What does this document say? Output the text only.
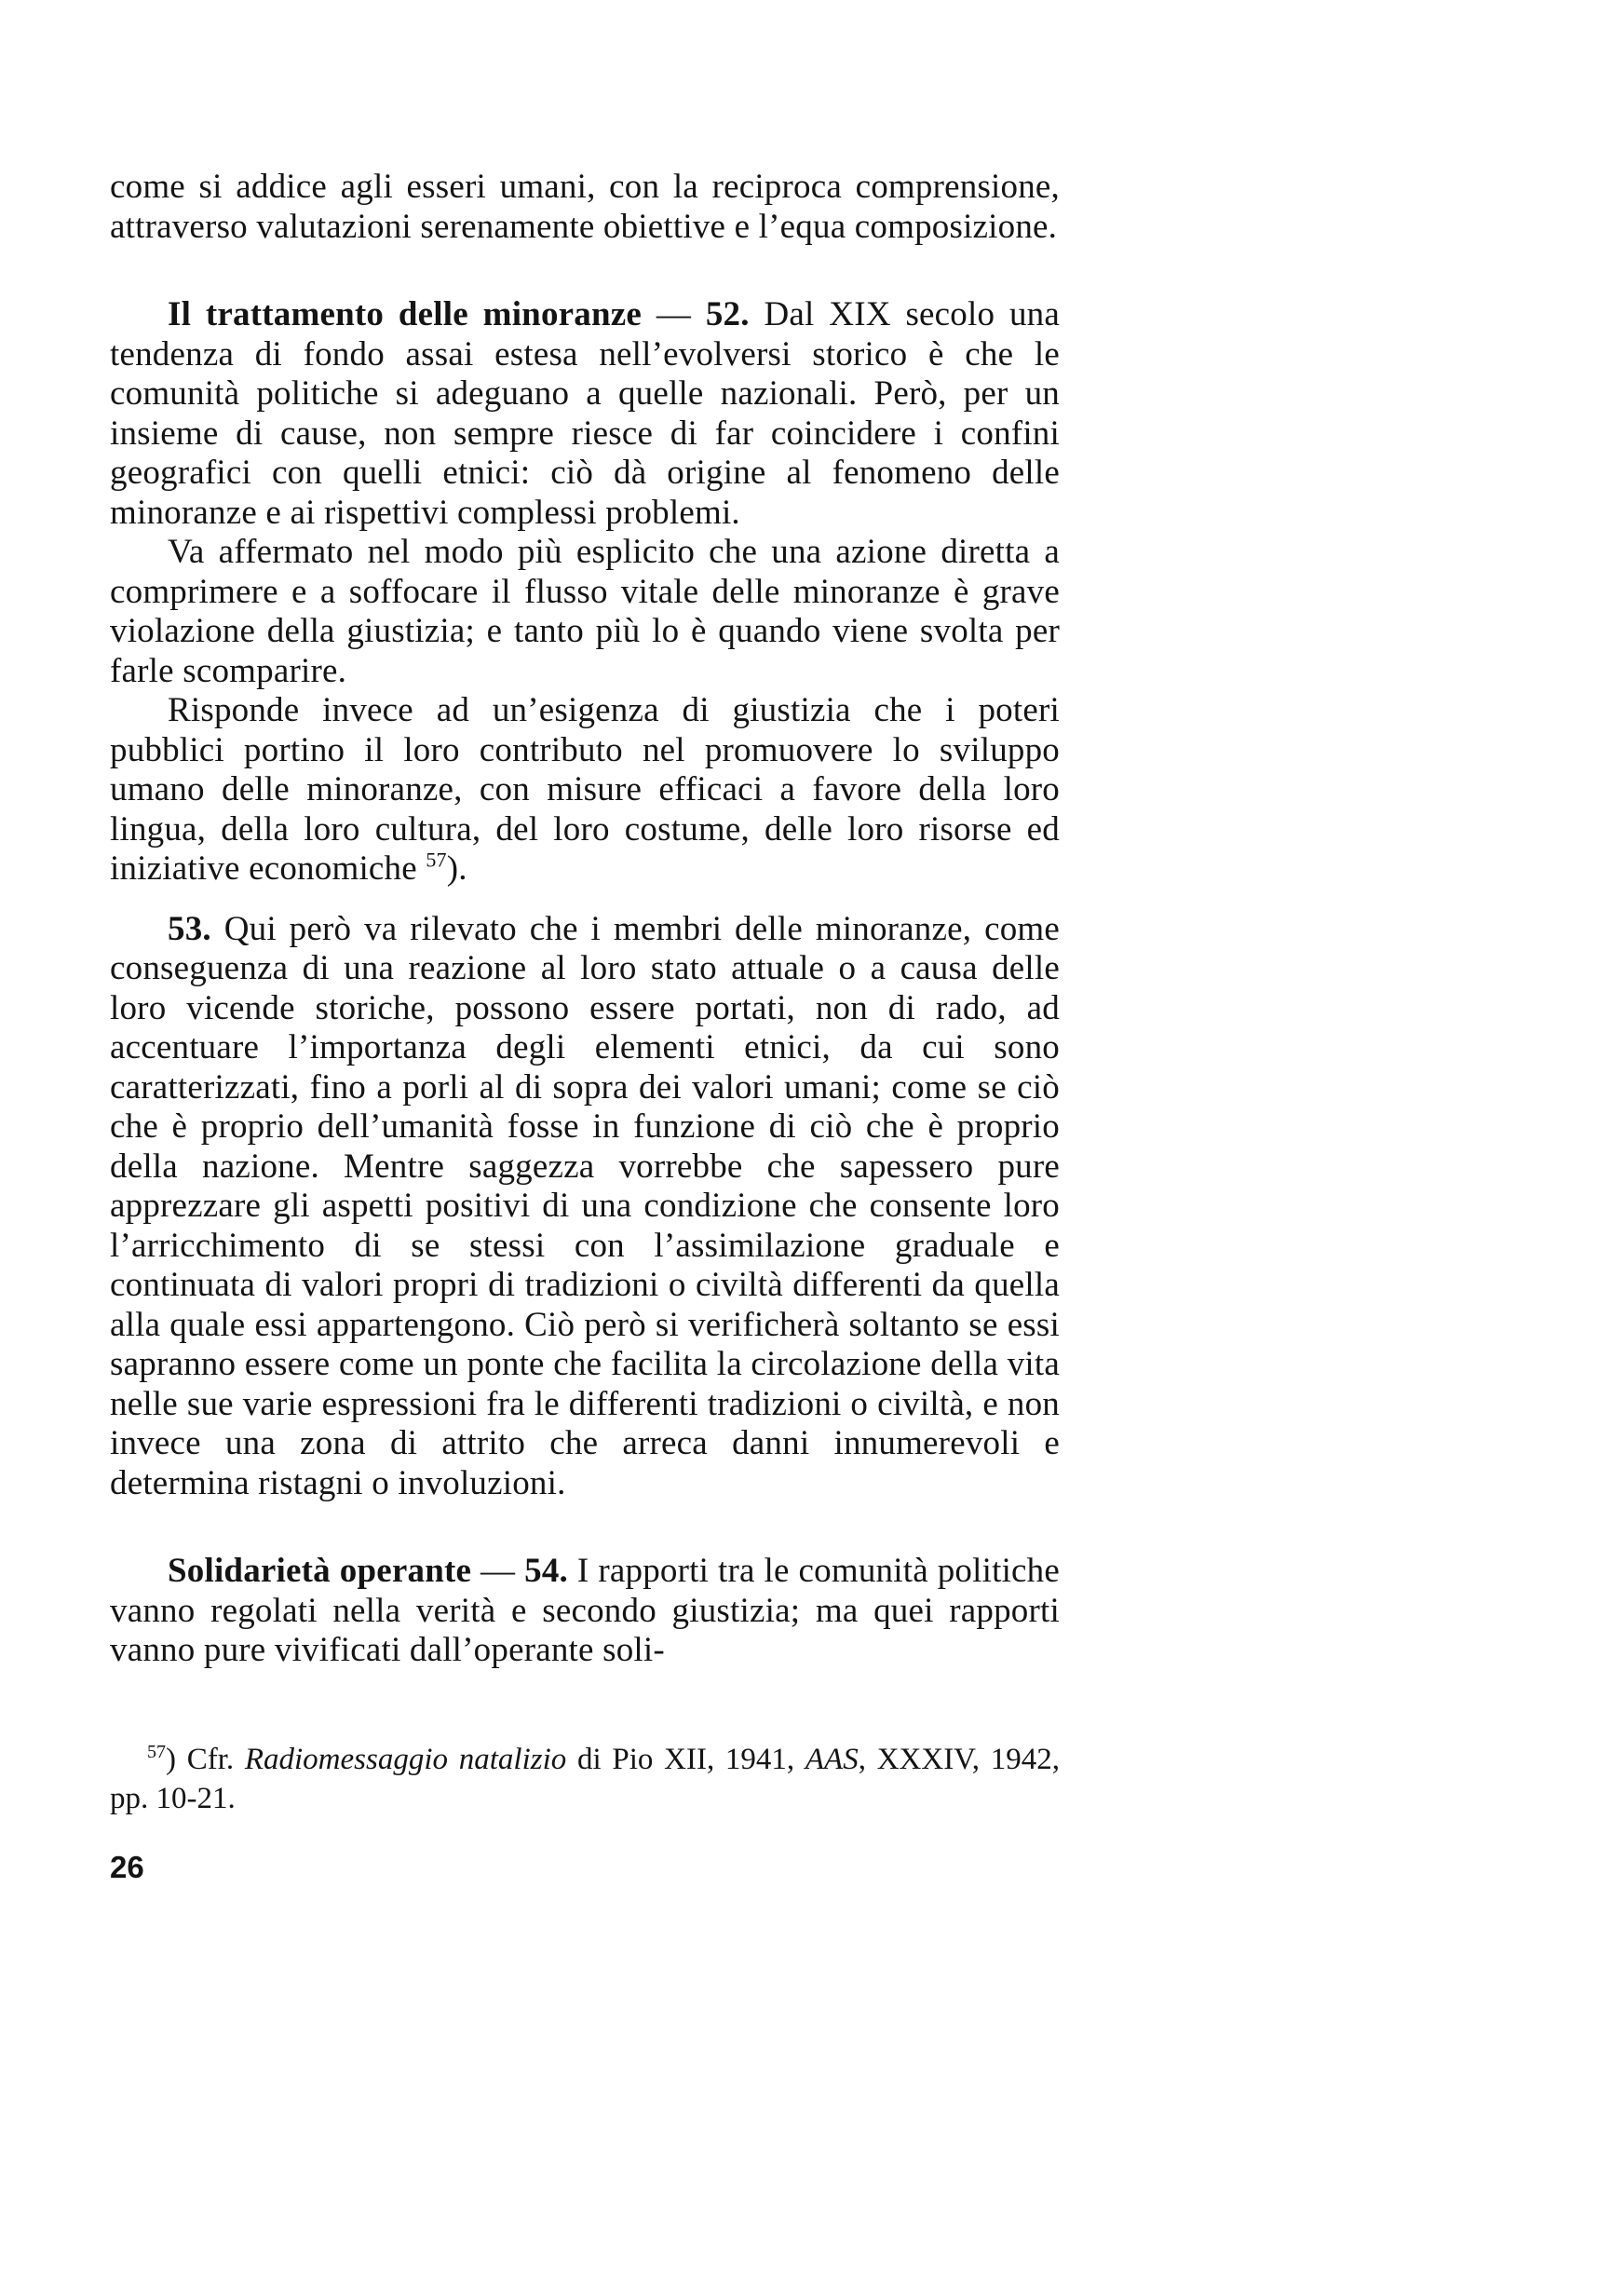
come si addice agli esseri umani, con la reciproca comprensione, attraverso valutazioni serenamente obiettive e l’equa composizione.

Il trattamento delle minoranze — 52. Dal XIX secolo una tendenza di fondo assai estesa nell’evolversi storico è che le comunità politiche si adeguano a quelle nazionali. Però, per un insieme di cause, non sempre riesce di far coincidere i confini geografici con quelli etnici: ciò dà origine al fenomeno delle minoranze e ai rispettivi complessi problemi.

Va affermato nel modo più esplicito che una azione diretta a comprimere e a soffocare il flusso vitale delle minoranze è grave violazione della giustizia; e tanto più lo è quando viene svolta per farle scomparire.

Risponde invece ad un’esigenza di giustizia che i poteri pubblici portino il loro contributo nel promuovere lo sviluppo umano delle minoranze, con misure efficaci a favore della loro lingua, della loro cultura, del loro costume, delle loro risorse ed iniziative economiche $^{57}$).

53. Qui però va rilevato che i membri delle minoranze, come conseguenza di una reazione al loro stato attuale o a causa delle loro vicende storiche, possono essere portati, non di rado, ad accentuare l’importanza degli elementi etnici, da cui sono caratterizzati, fino a porli al di sopra dei valori umani; come se ciò che è proprio dell’umanità fosse in funzione di ciò che è proprio della nazione. Mentre saggezza vorrebbe che sapessero pure apprezzare gli aspetti positivi di una condizione che consente loro l’arricchimento di se stessi con l’assimilazione graduale e continuata di valori propri di tradizioni o civiltà differenti da quella alla quale essi appartengono. Ciò però si verificherà soltanto se essi sapranno essere come un ponte che facilita la circolazione della vita nelle sue varie espressioni fra le differenti tradizioni o civiltà, e non invece una zona di attrito che arreca danni innumerevoli e determina ristagni o involuzioni.

Solidarietà operante — 54. I rapporti tra le comunità politiche vanno regolati nella verità e secondo giustizia; ma quei rapporti vanno pure vivificati dall’operante soli-

$^{57}$) Cfr. Radiomessaggio natalizio di Pio XII, 1941, AAS, XXXIV, 1942, pp. 10-21.

26
